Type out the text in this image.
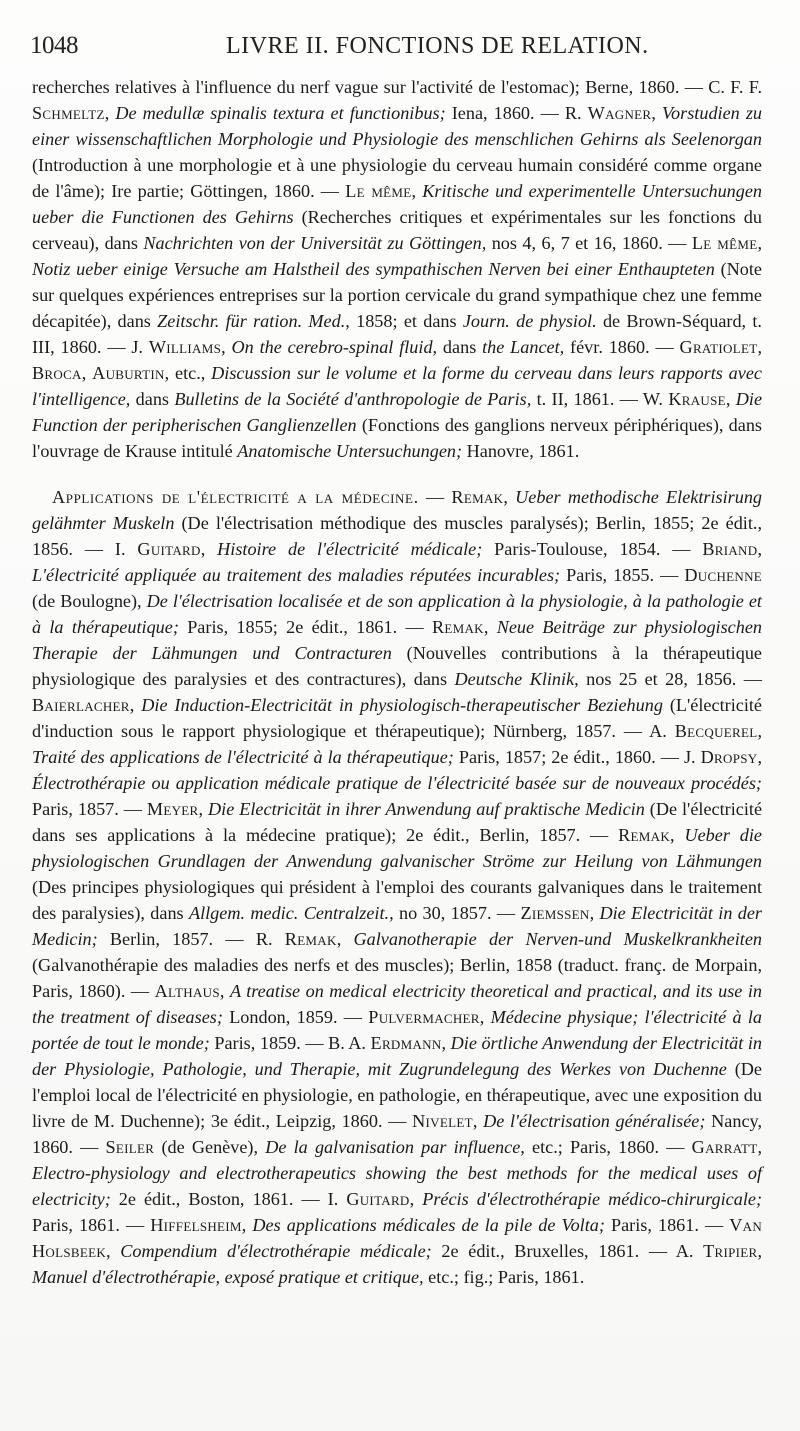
1048	LIVRE II. FONCTIONS DE RELATION.

recherches relatives à l'influence du nerf vague sur l'activité de l'estomac); Berne, 1860. — C. F. F. Schmeltz, De medullæ spinalis textura et functionibus; Iena, 1860. — R. Wagner, Vorstudien zu einer wissenschaftlichen Morphologie und Physiologie des menschlichen Gehirns als Seelenorgan (Introduction à une morphologie et à une physiologie du cerveau humain considéré comme organe de l'âme); Ire partie; Göttingen, 1860. — Le même, Kritische und experimentelle Untersuchungen ueber die Functionen des Gehirns (Recherches critiques et expérimentales sur les fonctions du cerveau), dans Nachrichten von der Universität zu Göttingen, nos 4, 6, 7 et 16, 1860. — Le même, Notiz ueber einige Versuche am Halstheil des sympathischen Nerven bei einer Enthaupteten (Note sur quelques expériences entreprises sur la portion cervicale du grand sympathique chez une femme décapitée), dans Zeitschr. für ration. Med., 1858; et dans Journ. de physiol. de Brown-Séquard, t. III, 1860. — J. Williams, On the cerebro-spinal fluid, dans the Lancet, févr. 1860. — Gratiolet, Broca, Auburtin, etc., Discussion sur le volume et la forme du cerveau dans leurs rapports avec l'intelligence, dans Bulletins de la Société d'anthropologie de Paris, t. II, 1861. — W. Krause, Die Function der peripherischen Ganglienzellen (Fonctions des ganglions nerveux périphériques), dans l'ouvrage de Krause intitulé Anatomische Untersuchungen; Hanovre, 1861.

Applications de l'électricité a la médecine. — Remak, Ueber methodische Elektrisirung gelähmter Muskeln (De l'électrisation méthodique des muscles paralysés); Berlin, 1855; 2e édit., 1856. — I. Guitard, Histoire de l'électricité médicale; Paris-Toulouse, 1854. — Briand, L'électricité appliquée au traitement des maladies réputées incurables; Paris, 1855. — Duchenne (de Boulogne), De l'électrisation localisée et de son application à la physiologie, à la pathologie et à la thérapeutique; Paris, 1855; 2e édit., 1861. — Remak, Neue Beiträge zur physiologischen Therapie der Lähmungen und Contracturen (Nouvelles contributions à la thérapeutique physiologique des paralysies et des contractures), dans Deutsche Klinik, nos 25 et 28, 1856. — Baierlacher, Die Induction-Electricität in physiologisch-therapeutischer Beziehung (L'électricité d'induction sous le rapport physiologique et thérapeutique); Nürnberg, 1857. — A. Becquerel, Traité des applications de l'électricité à la thérapeutique; Paris, 1857; 2e édit., 1860. — J. Dropsy, Électrothérapie ou application médicale pratique de l'électricité basée sur de nouveaux procédés; Paris, 1857. — Meyer, Die Electricität in ihrer Anwendung auf praktische Medicin (De l'électricité dans ses applications à la médecine pratique); 2e édit., Berlin, 1857. — Remak, Ueber die physiologischen Grundlagen der Anwendung galvanischer Ströme zur Heilung von Lähmungen (Des principes physiologiques qui président à l'emploi des courants galvaniques dans le traitement des paralysies), dans Allgem. medic. Centralzeit., no 30, 1857. — Ziemssen, Die Electricität in der Medicin; Berlin, 1857. — R. Remak, Galvanotherapie der Nerven-und Muskelkrankheiten (Galvanothérapie des maladies des nerfs et des muscles); Berlin, 1858 (traduct. franç. de Morpain, Paris, 1860). — Althaus, A treatise on medical electricity theoretical and practical, and its use in the treatment of diseases; London, 1859. — Pulvermacher, Médecine physique; l'électricité à la portée de tout le monde; Paris, 1859. — B. A. Erdmann, Die örtliche Anwendung der Electricität in der Physiologie, Pathologie, und Therapie, mit Zugrundelegung des Werkes von Duchenne (De l'emploi local de l'électricité en physiologie, en pathologie, en thérapeutique, avec une exposition du livre de M. Duchenne); 3e édit., Leipzig, 1860. — Nivelet, De l'électrisation généralisée; Nancy, 1860. — Seiler (de Genève), De la galvanisation par influence, etc.; Paris, 1860. — Garratt, Electro-physiology and electrotherapeutics showing the best methods for the medical uses of electricity; 2e édit., Boston, 1861. — I. Guitard, Précis d'électrothérapie médico-chirurgicale; Paris, 1861. — Hiffelsheim, Des applications médicales de la pile de Volta; Paris, 1861. — Van Holsbeek, Compendium d'électrothérapie médicale; 2e édit., Bruxelles, 1861. — A. Tripier, Manuel d'électrothérapie, exposé pratique et critique, etc.; fig.; Paris, 1861.
